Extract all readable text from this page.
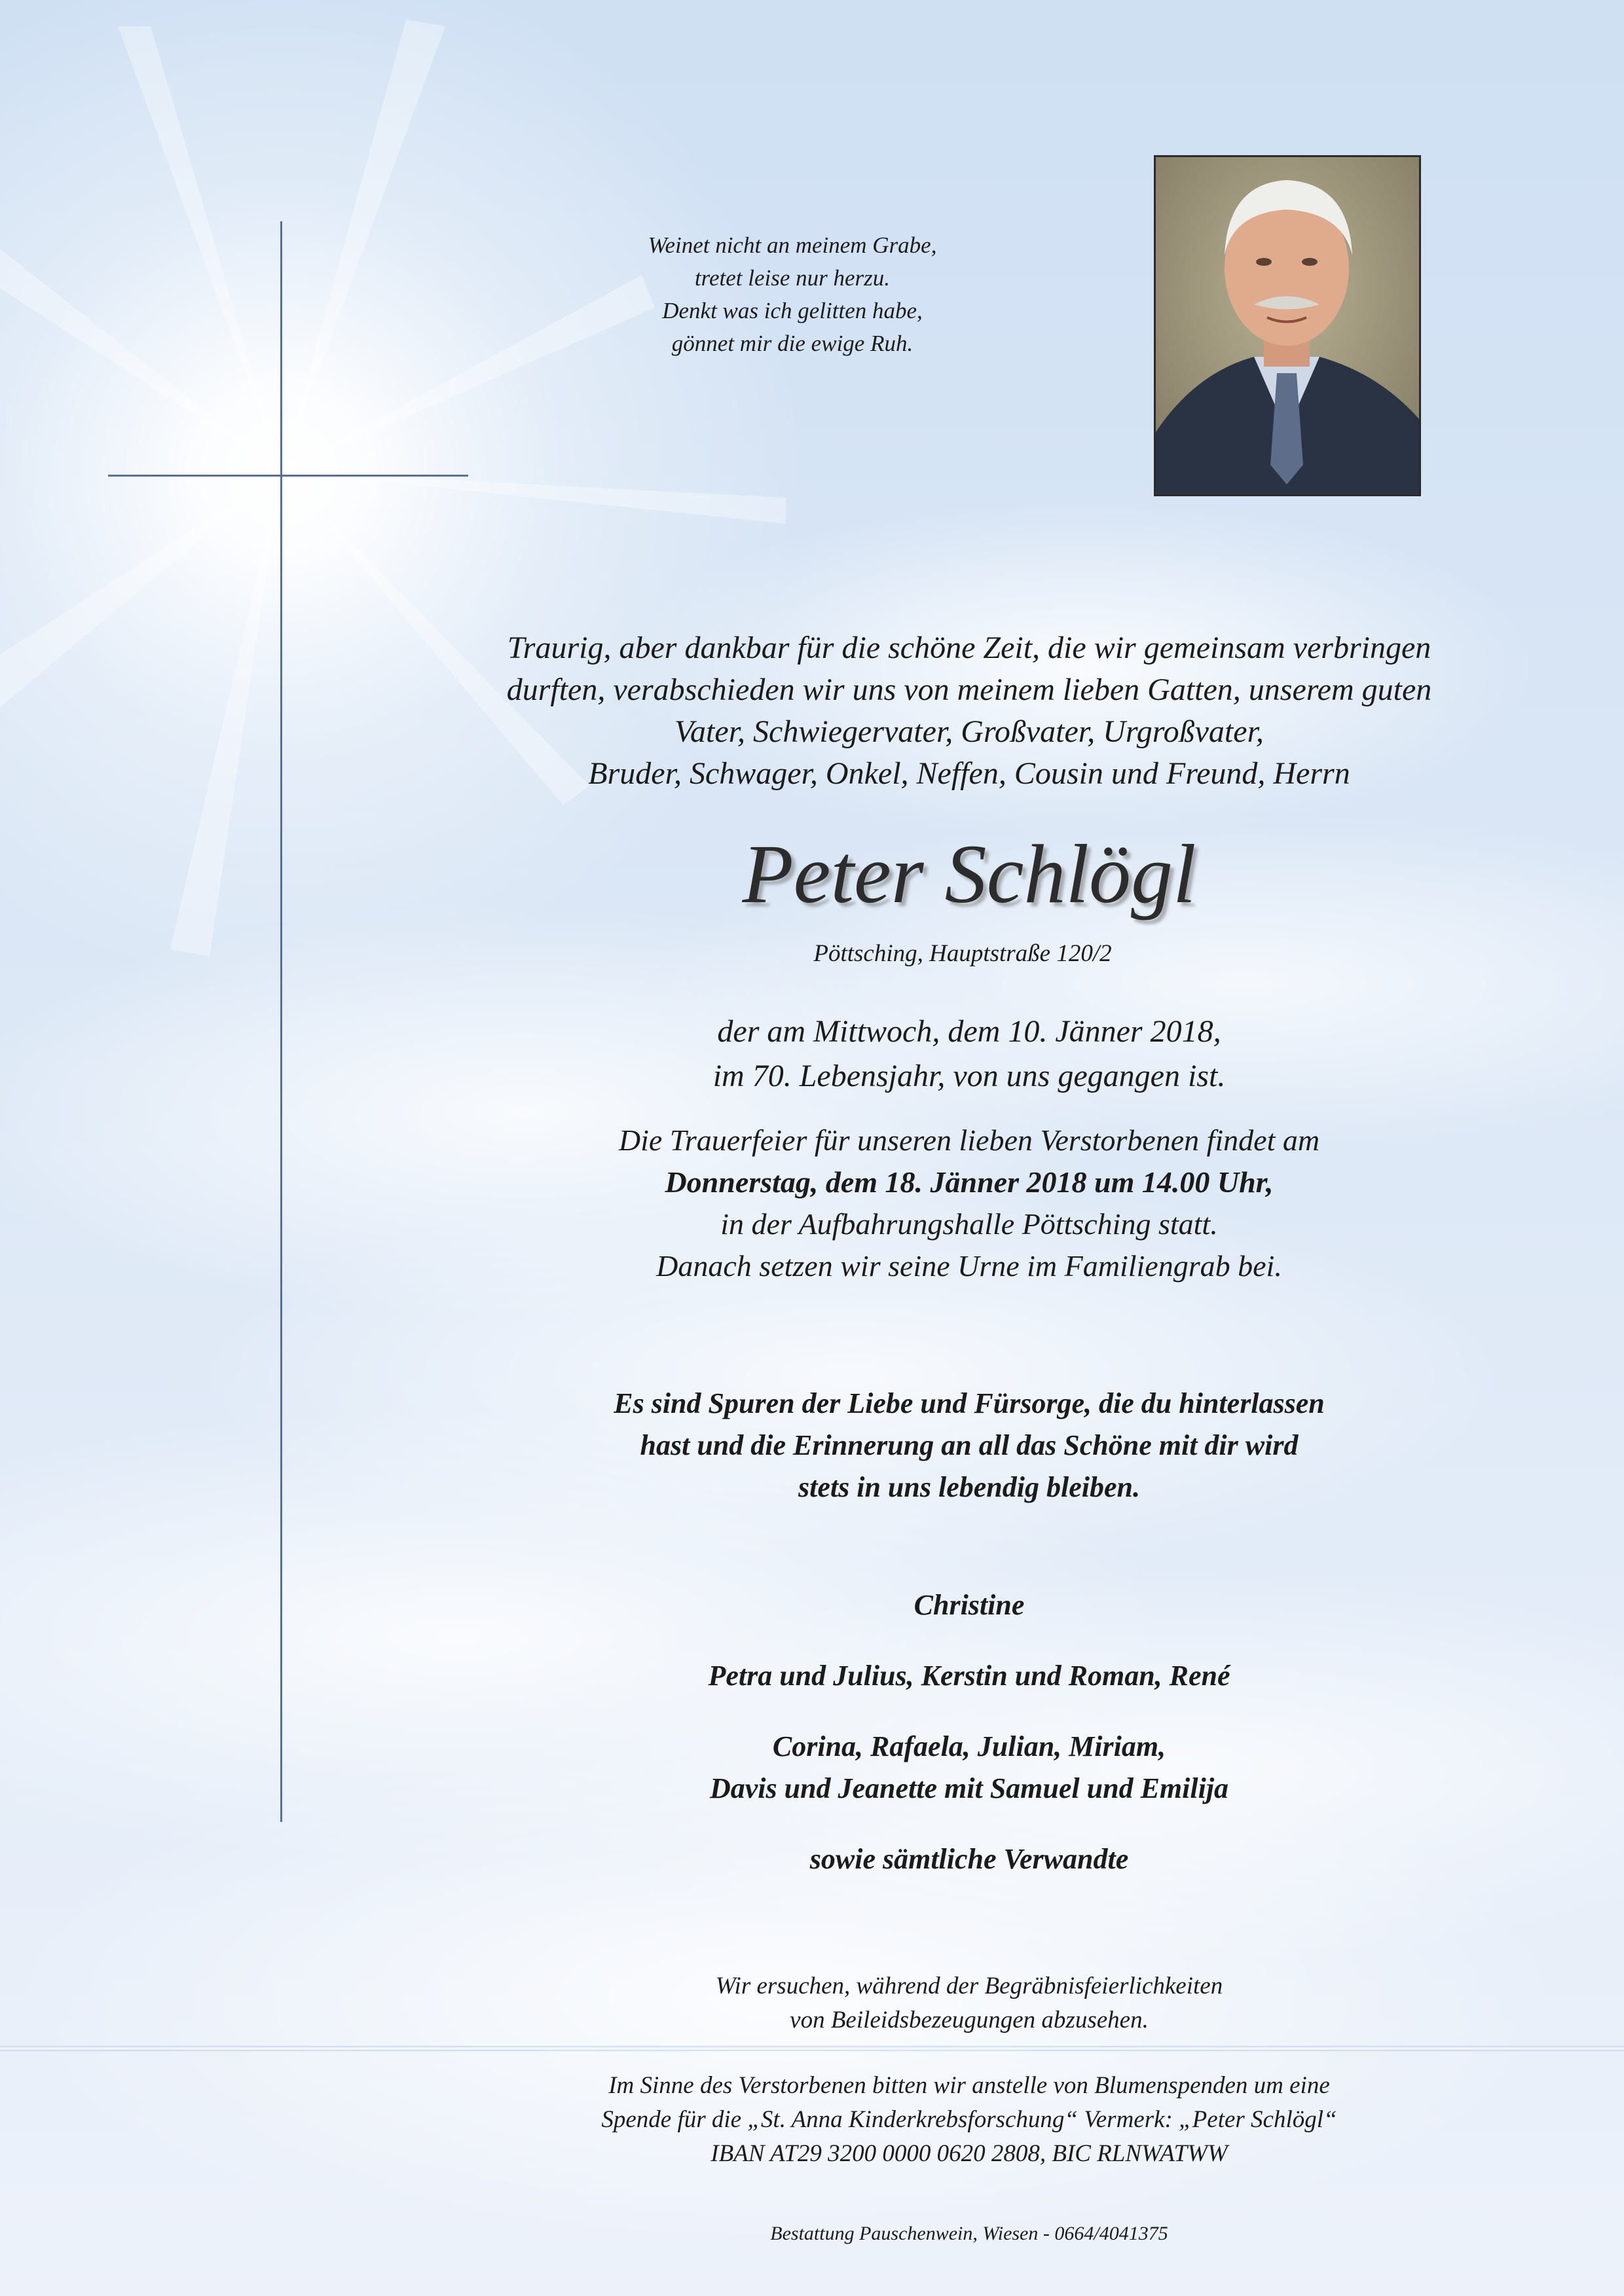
Weinet nicht an meinem Grabe,
tretet leise nur herzu.
Denkt was ich gelitten habe,
gönnet mir die ewige Ruh.
Traurig, aber dankbar für die schöne Zeit, die wir gemeinsam verbringen
durften, verabschieden wir uns von meinem lieben Gatten, unserem guten
Vater, Schwiegervater, Großvater, Urgroßvater,
Bruder, Schwager, Onkel, Neffen, Cousin und Freund, Herrn
Peter Schlögl
Pöttsching, Hauptstraße 120/2
der am Mittwoch, dem 10. Jänner 2018,
im 70. Lebensjahr, von uns gegangen ist.
Die Trauerfeier für unseren lieben Verstorbenen findet am
Donnerstag, dem 18. Jänner 2018 um 14.00 Uhr,
in der Aufbahrungshalle Pöttsching statt.
Danach setzen wir seine Urne im Familiengrab bei.
Es sind Spuren der Liebe und Fürsorge, die du hinterlassen
hast und die Erinnerung an all das Schöne mit dir wird
stets in uns lebendig bleiben.
Christine
Petra und Julius, Kerstin und Roman, René
Corina, Rafaela, Julian, Miriam,
Davis und Jeanette mit Samuel und Emilija
sowie sämtliche Verwandte
Wir ersuchen, während der Begräbnisfeierlichkeiten
von Beileidsbezeugungen abzusehen.
Im Sinne des Verstorbenen bitten wir anstelle von Blumenspenden um eine
Spende für die „St. Anna Kinderkrebsforschung“ Vermerk: „Peter Schlögl“
IBAN AT29 3200 0000 0620 2808, BIC RLNWATWW
Bestattung Pauschenwein, Wiesen - 0664/4041375
